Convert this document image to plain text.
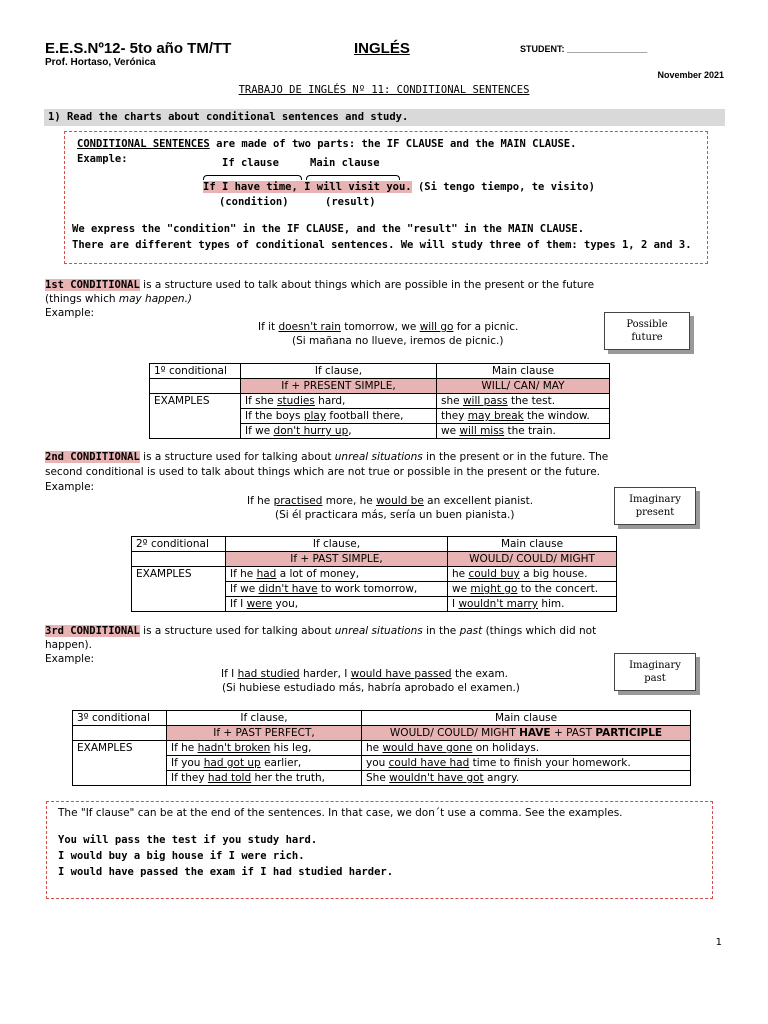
E.E.S.Nº12- 5to año TM/TT	INGLÉS	STUDENT: ________________
Prof. Hortaso, Verónica
November 2021
TRABAJO DE INGLÉS Nº 11: CONDITIONAL SENTENCES
1) Read the charts about conditional sentences and study.
CONDITIONAL SENTENCES are made of two parts: the IF CLAUSE and the MAIN CLAUSE.
Example:	If clause	Main clause
If I have time, I will visit you. (Si tengo tiempo, te visito)
(condition)	(result)
We express the "condition" in the IF CLAUSE, and the "result" in the MAIN CLAUSE.
There are different types of conditional sentences. We will study three of them: types 1, 2 and 3.
1st CONDITIONAL is a structure used to talk about things which are possible in the present or the future
(things which may happen.)
Example:
If it doesn't rain tomorrow, we will go for a picnic.
(Si mañana no llueve, iremos de picnic.)
Possible future
1º conditional	If clause,	Main clause
	If + PRESENT SIMPLE,	WILL/ CAN/ MAY
EXAMPLES	If she studies hard,	she will pass the test.
	If the boys play football there,	they may break the window.
	If we don't hurry up,	we will miss the train.
2nd CONDITIONAL is a structure used for talking about unreal situations in the present or in the future. The
second conditional is used to talk about things which are not true or possible in the present or the future.
Example:
If he practised more, he would be an excellent pianist.
(Si él practicara más, sería un buen pianista.)
Imaginary present
2º conditional	If clause,	Main clause
	If + PAST SIMPLE,	WOULD/ COULD/ MIGHT
EXAMPLES	If he had a lot of money,	he could buy a big house.
	If we didn't have to work tomorrow,	we might go to the concert.
	If I were you,	I wouldn't marry him.
3rd CONDITIONAL is a structure used for talking about unreal situations in the past (things which did not
happen).
Example:
If I had studied harder, I would have passed the exam.
(Si hubiese estudiado más, habría aprobado el examen.)
Imaginary past
3º conditional	If clause,	Main clause
	If + PAST PERFECT,	WOULD/ COULD/ MIGHT HAVE + PAST PARTICIPLE
EXAMPLES	If he hadn't broken his leg,	he would have gone on holidays.
	If you had got up earlier,	you could have had time to finish your homework.
	If they had told her the truth,	She wouldn't have got angry.
The "If clause" can be at the end of the sentences. In that case, we don´t use a comma. See the examples.
You will pass the test if you study hard.
I would buy a big house if I were rich.
I would have passed the exam if I had studied harder.
1
